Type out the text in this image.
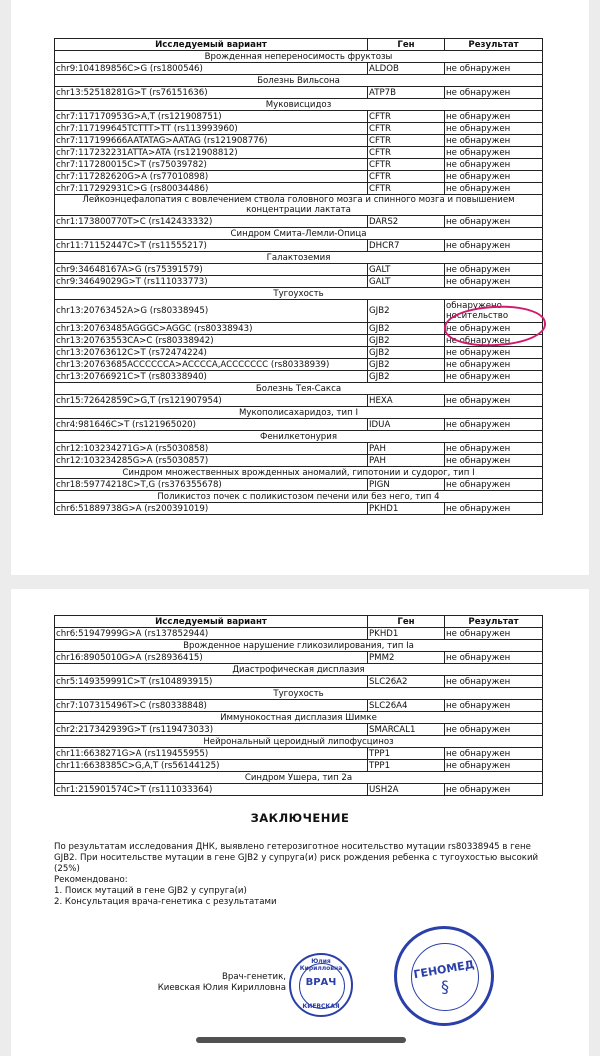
Исследуемый вариант	Ген	Результат
Врожденная непереносимость фруктозы		
chr9:104189856C>G (rs1800546)	ALDOB	не обнаружен
Болезнь Вильсона		
chr13:52518281G>T (rs76151636)	ATP7B	не обнаружен
Муковисцидоз		
chr7:117170953G>A,T (rs121908751)	CFTR	не обнаружен
chr7:117199645TCTTT>TT (rs113993960)	CFTR	не обнаружен
chr7:117199666AATATAG>AATAG (rs121908776)	CFTR	не обнаружен
chr7:117232231ATTA>ATA (rs121908812)	CFTR	не обнаружен
chr7:117280015C>T (rs75039782)	CFTR	не обнаружен
chr7:117282620G>A (rs77010898)	CFTR	не обнаружен
chr7:117292931C>G (rs80034486)	CFTR	не обнаружен
Лейкоэнцефалопатия с вовлечением ствола головного мозга и спинного мозга и повышением концентрации лактата		
chr1:173800770T>C (rs142433332)	DARS2	не обнаружен
Синдром Смита-Лемли-Опица		
chr11:71152447C>T (rs11555217)	DHCR7	не обнаружен
Галактоземия		
chr9:34648167A>G (rs75391579)	GALT	не обнаружен
chr9:34649029G>T (rs111033773)	GALT	не обнаружен
Тугоухость		
chr13:20763452A>G (rs80338945)	GJB2	обнаружено носительство
chr13:20763485AGGGC>AGGC (rs80338943)	GJB2	не обнаружен
chr13:20763553CA>C (rs80338942)	GJB2	не обнаружен
chr13:20763612C>T (rs72474224)	GJB2	не обнаружен
chr13:20763685ACCCCCCA>ACCCCA,ACCCCCCC (rs80338939)	GJB2	не обнаружен
chr13:20766921C>T (rs80338940)	GJB2	не обнаружен
Болезнь Тея-Сакса		
chr15:72642859C>G,T (rs121907954)	HEXA	не обнаружен
Мукополисахаридоз, тип I		
chr4:981646C>T (rs121965020)	IDUA	не обнаружен
Фенилкетонурия		
chr12:103234271G>A (rs5030858)	PAH	не обнаружен
chr12:103234285G>A (rs5030857)	PAH	не обнаружен
Синдром множественных врожденных аномалий, гипотонии и судорог, тип I		
chr18:59774218C>T,G (rs376355678)	PIGN	не обнаружен
Поликистоз почек с поликистозом печени или без него, тип 4		
chr6:51889738G>A (rs200391019)	PKHD1	не обнаружен
Исследуемый вариант	Ген	Результат
chr6:51947999G>A (rs137852944)	PKHD1	не обнаружен
Врожденное нарушение гликозилирования, тип Ia		
chr16:8905010G>A (rs28936415)	PMM2	не обнаружен
Диастрофическая дисплазия		
chr5:149359991C>T (rs104893915)	SLC26A2	не обнаружен
Тугоухость		
chr7:107315496T>C (rs80338848)	SLC26A4	не обнаружен
Иммунокостная дисплазия Шимке		
chr2:217342939G>T (rs119473033)	SMARCAL1	не обнаружен
Нейрональный цероидный липофусциноз		
chr11:6638271G>A (rs119455955)	TPP1	не обнаружен
chr11:6638385C>G,A,T (rs56144125)	TPP1	не обнаружен
Синдром Ушера, тип 2a		
chr1:215901574C>T (rs111033364)	USH2A	не обнаружен
ЗАКЛЮЧЕНИЕ

По результатам исследования ДНК, выявлено гетерозиготное носительство мутации rs80338945 в гене GJB2. При носительстве мутации в гене GJB2 у супруга(и) риск рождения ребенка с тугоухостью высокий (25%)

Рекомендовано:

1. Поиск мутаций в гене GJB2 у супруга(и)

2. Консультация врача-генетика с результатами

Врач-генетик,
Киевская Юлия Кирилловна
Юлия Кирилловна
ВРАЧ
КИЕВСКАЯ
ГЕНОМЕД
§
